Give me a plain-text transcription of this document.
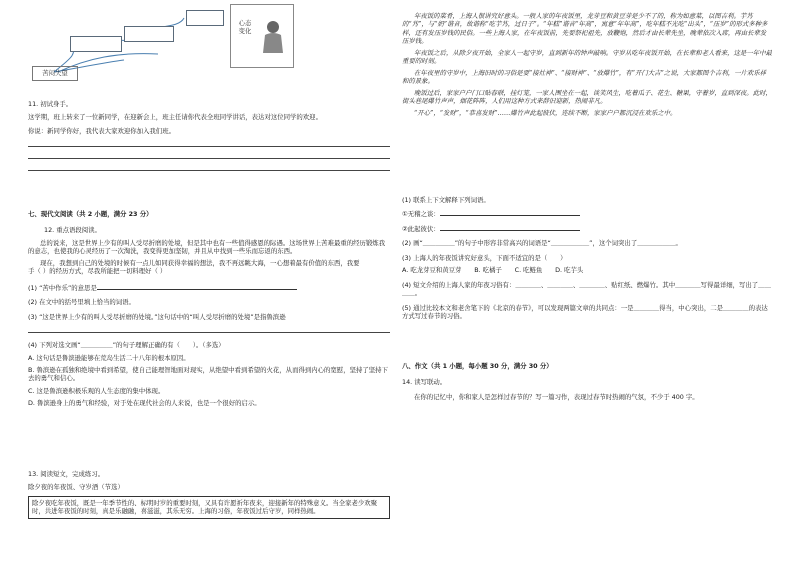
心态
变化
苦闷失望

11. 初试身手。

这学期，班上转来了一位新同学，在迎新会上，班主任请你代表全班同学讲话，表达对这位同学的欢迎。

你说：新同学你好，我代表大家欢迎你加入我们班。

七、现代文阅读（共 2 小题，满分 23 分）

12. 重点语段阅读。

总的说来，这是世界上少有的叫人受尽折磨的处境，但是其中也有一些值得感恩的际遇。这场世界上苦难最重的经历锻炼我的意志，也使我的心灵经历了一次淘洗，我变得更加坚韧，并且从中找到一些乐而忘返的东西。

现在，我想到自己的处境的时候有一点儿如同获得幸福的想法，我不再远眺大海，一心想着最有价值的东西，我要

手（ ）的经历方式，尽我所能把一切料理好（ ）

(1) “苦中作乐”的意思是

(2) 在文中的括号里填上恰当的词语。

(3) “这是世界上少有的叫人受尽折磨的处境。”这句话中的“叫人受尽折磨的处境”是指鲁滨逊

(4) 下列对选文画“＿＿＿＿＿”的句子理解正确的有（　　）。（多选）

A. 这句话是鲁滨逊能够在荒岛生活二十八年的根本原因。

B. 鲁滨逊在孤独和绝境中看到希望，使自己能理智地面对现实，从绝望中看到希望的火花，从而得到内心的宽慰，坚持了坚持下去的勇气和信心。

C. 这是鲁滨逊积极乐观的人生态度的集中体现。

D. 鲁滨逊身上的勇气和经验，对于处在现代社会的人来说，也是一个很好的启示。

13. 阅读短文，完成练习。

除夕夜的年夜饭、守岁酒（节选）

除夕夜吃年夜饭，既是一年季节性的、标明时岁的重要时刻，又具有许愿祈年夜来，迎接新年的特殊意义。当全家老少欢聚时，共进年夜饭的时刻，真是乐融融，喜滋滋，其乐无穷。上海的习俗，年夜饭过后守岁，同样热闹。

年夜饭的菜肴，上海人很讲究好意头。一般人家的年夜饭里，龙芽豆和黄豆芽是少不了的，称为如意菜，以图吉利。芋艿的“艿”，与“奶”谐音，故谐称“吃芋艿，过日子”。“年糕”谐音“年高”，寓意“年年高”，吃年糕不光吃“出头”，“压岁”的形式多种多样，还有发压岁钱的民俗。一些上海人家，在年夜饭前，先要祭祀祖先，放鞭炮，然后才由长辈先坐，晚辈依次入席，再由长辈发压岁钱。

年夜饭之后，从除夕夜开始，全家人一起守岁，直到新年的钟声敲响。守岁从吃年夜饭开始，在长辈和老人看来，这是一年中最重要的时刻。

在年夜里的守岁中，上海旧时的习俗是要“接灶神”、“接财神”、“放爆竹”，有“开门大吉”之说，大家都图个吉利，一片欢乐祥和的景象。

晚饭过后，家家户户门口贴春联，挂灯笼，一家人围坐在一起，谈笑风生，吃着瓜子、花生、糖果，守着岁，直到深夜。此时，街头巷尾爆竹声声，烟花阵阵，人们用这种方式来辞旧迎新，热闹非凡。

“开心”，“发财”，“恭喜发财”……爆竹声此起彼伏，连续不断，家家户户都沉浸在欢乐之中。

(1) 联系上下文解释下列词语。

①无稽之谈：

②此起彼伏：

(2) 画“＿＿＿＿＿”的句子中形容非常高兴的词语是“＿＿＿＿＿＿”，这个词突出了＿＿＿＿＿＿。

(3) 上海人的年夜饭讲究好意头，下面不适宜的是（　　）

A. 吃龙芽豆和黄豆芽　　B. 吃橘子　　C. 吃鲢鱼　　D. 吃芋头

(4) 短文介绍的上海人家的年夜习俗有：＿＿＿＿、＿＿＿＿、＿＿＿＿、贴红纸、燃爆竹。其中＿＿＿＿写得最详细，写出了＿＿＿＿。

(5) 通过比较本文和老舍笔下的《北京的春节》，可以发现两篇文章的共同点：一是＿＿＿＿得当，中心突出，二是＿＿＿＿的表达方式写过春节的习俗。

八、作文（共 1 小题，每小题 30 分，满分 30 分）

14. 读写联动。

在你的记忆中，你和家人是怎样过春节的？写一篇习作，表现过春节时热闹的气氛，不少于 400 字。
